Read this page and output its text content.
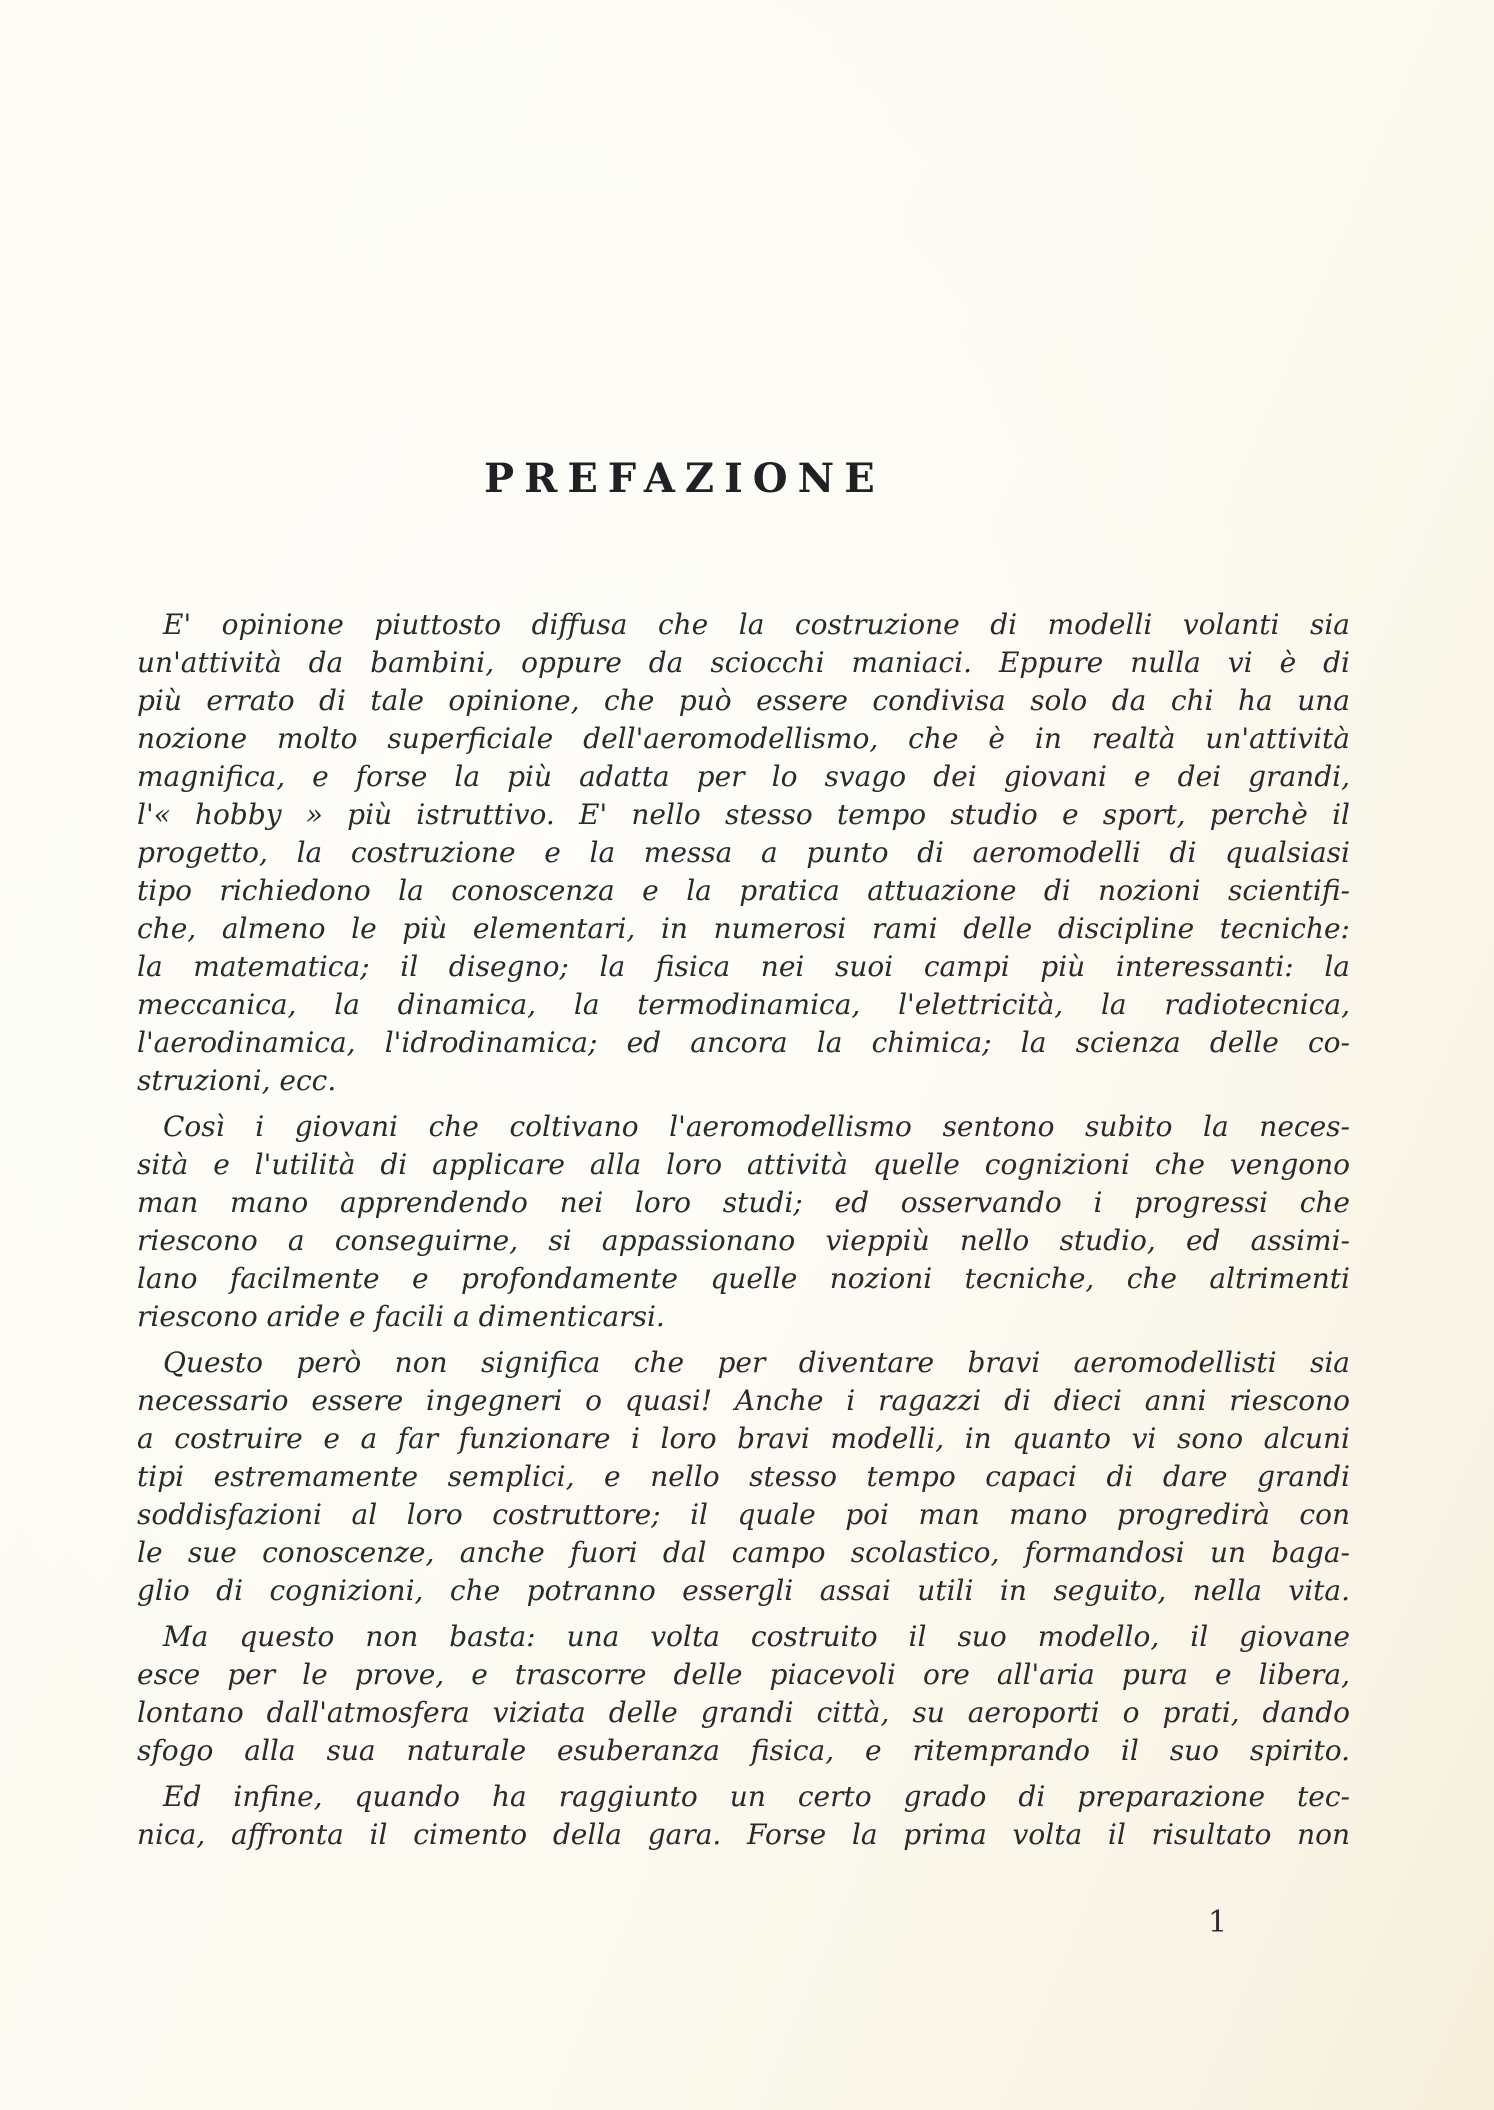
PREFAZIONE
E' opinione piuttosto diffusa che la costruzione di modelli volanti sia
un'attività da bambini, oppure da sciocchi maniaci. Eppure nulla vi è di
più errato di tale opinione, che può essere condivisa solo da chi ha una
nozione molto superficiale dell'aeromodellismo, che è in realtà un'attività
magnifica, e forse la più adatta per lo svago dei giovani e dei grandi,
l'« hobby » più istruttivo. E' nello stesso tempo studio e sport, perchè il
progetto, la costruzione e la messa a punto di aeromodelli di qualsiasi
tipo richiedono la conoscenza e la pratica attuazione di nozioni scientifi-
che, almeno le più elementari, in numerosi rami delle discipline tecniche:
la matematica; il disegno; la fisica nei suoi campi più interessanti: la
meccanica, la dinamica, la termodinamica, l'elettricità, la radiotecnica,
l'aerodinamica, l'idrodinamica; ed ancora la chimica; la scienza delle co-
struzioni, ecc.
Così i giovani che coltivano l'aeromodellismo sentono subito la neces-
sità e l'utilità di applicare alla loro attività quelle cognizioni che vengono
man mano apprendendo nei loro studi; ed osservando i progressi che
riescono a conseguirne, si appassionano vieppiù nello studio, ed assimi-
lano facilmente e profondamente quelle nozioni tecniche, che altrimenti
riescono aride e facili a dimenticarsi.
Questo però non significa che per diventare bravi aeromodellisti sia
necessario essere ingegneri o quasi! Anche i ragazzi di dieci anni riescono
a costruire e a far funzionare i loro bravi modelli, in quanto vi sono alcuni
tipi estremamente semplici, e nello stesso tempo capaci di dare grandi
soddisfazioni al loro costruttore; il quale poi man mano progredirà con
le sue conoscenze, anche fuori dal campo scolastico, formandosi un baga-
glio di cognizioni, che potranno essergli assai utili in seguito, nella vita.
Ma questo non basta: una volta costruito il suo modello, il giovane
esce per le prove, e trascorre delle piacevoli ore all'aria pura e libera,
lontano dall'atmosfera viziata delle grandi città, su aeroporti o prati, dando
sfogo alla sua naturale esuberanza fisica, e ritemprando il suo spirito.
Ed infine, quando ha raggiunto un certo grado di preparazione tec-
nica, affronta il cimento della gara. Forse la prima volta il risultato non
1
